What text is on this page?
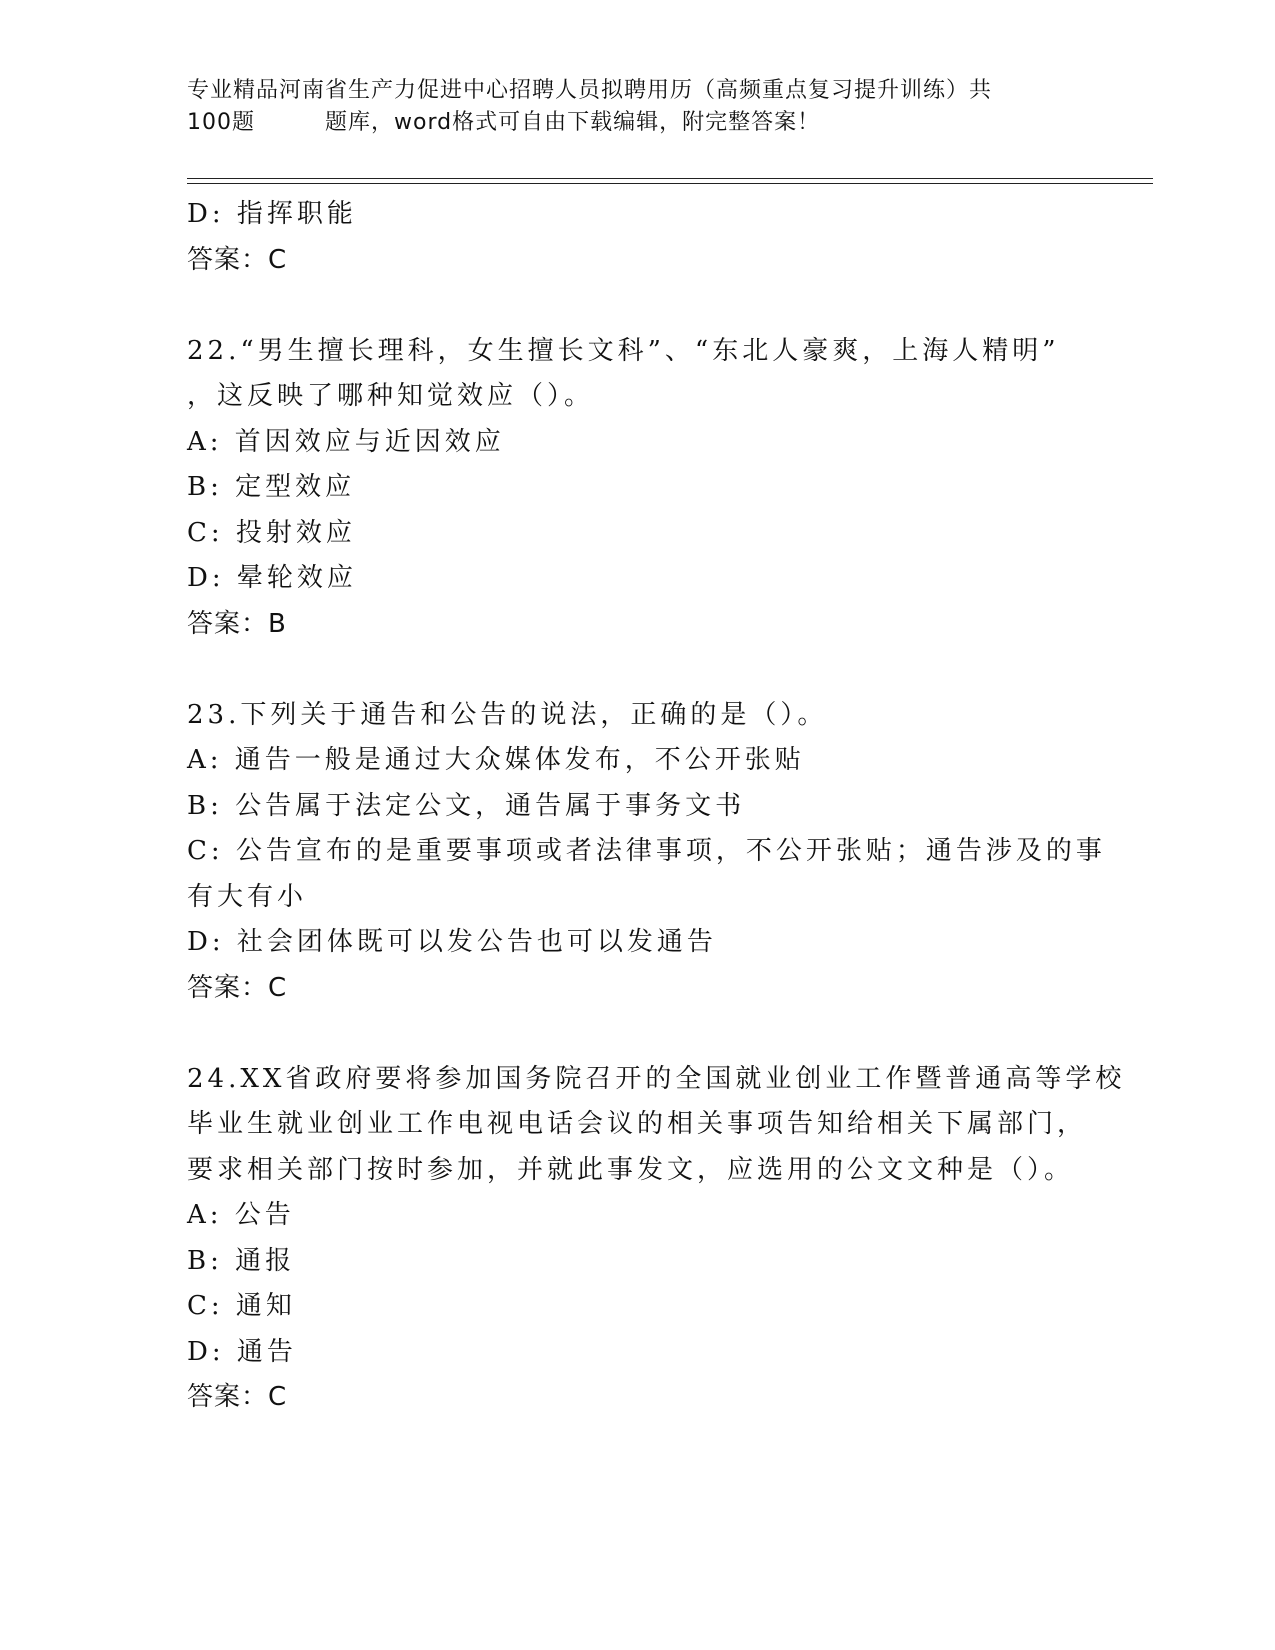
专业精品河南省生产力促进中心招聘人员拟聘用历（高频重点复习提升训练）共
100题	题库，word格式可自由下载编辑，附完整答案！
D: 指挥职能
答案：C
22.“男生擅长理科，女生擅长文科”、“东北人豪爽，上海人精明”
，这反映了哪种知觉效应（）。
A: 首因效应与近因效应
B: 定型效应
C: 投射效应
D: 晕轮效应
答案：B
23.下列关于通告和公告的说法，正确的是（）。
A: 通告一般是通过大众媒体发布，不公开张贴
B: 公告属于法定公文，通告属于事务文书
C: 公告宣布的是重要事项或者法律事项，不公开张贴；通告涉及的事
有大有小
D: 社会团体既可以发公告也可以发通告
答案：C
24.XX省政府要将参加国务院召开的全国就业创业工作暨普通高等学校
毕业生就业创业工作电视电话会议的相关事项告知给相关下属部门，
要求相关部门按时参加，并就此事发文，应选用的公文文种是（）。
A: 公告
B: 通报
C: 通知
D: 通告
答案：C
